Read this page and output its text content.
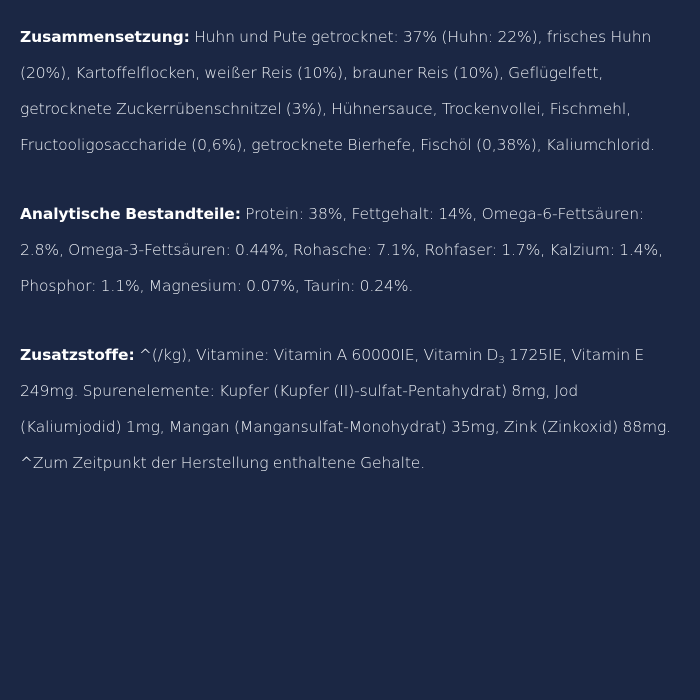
Zusammensetzung: Huhn und Pute getrocknet: 37% (Huhn: 22%), frisches Huhn (20%), Kartoffelflocken, weißer Reis (10%), brauner Reis (10%), Geflügelfett, getrocknete Zuckerrübenschnitzel (3%), Hühnersauce, Trockenvollei, Fischmehl, Fructooligosaccharide (0,6%), getrocknete Bierhefe, Fischöl (0,38%), Kaliumchlorid.

Analytische Bestandteile: Protein: 38%, Fettgehalt: 14%, Omega-6-Fettsäuren: 2.8%, Omega-3-Fettsäuren: 0.44%, Rohasche: 7.1%, Rohfaser: 1.7%, Kalzium: 1.4%, Phosphor: 1.1%, Magnesium: 0.07%, Taurin: 0.24%.

Zusatzstoffe: ^(/kg), Vitamine: Vitamin A 60000IE, Vitamin $D_3$ 1725IE, Vitamin E 249mg. Spurenelemente: Kupfer (Kupfer (II)-sulfat-Pentahydrat) 8mg, Jod (Kaliumjodid) 1mg, Mangan (Mangansulfat-Monohydrat) 35mg, Zink (Zinkoxid) 88mg. ^Zum Zeitpunkt der Herstellung enthaltene Gehalte.
